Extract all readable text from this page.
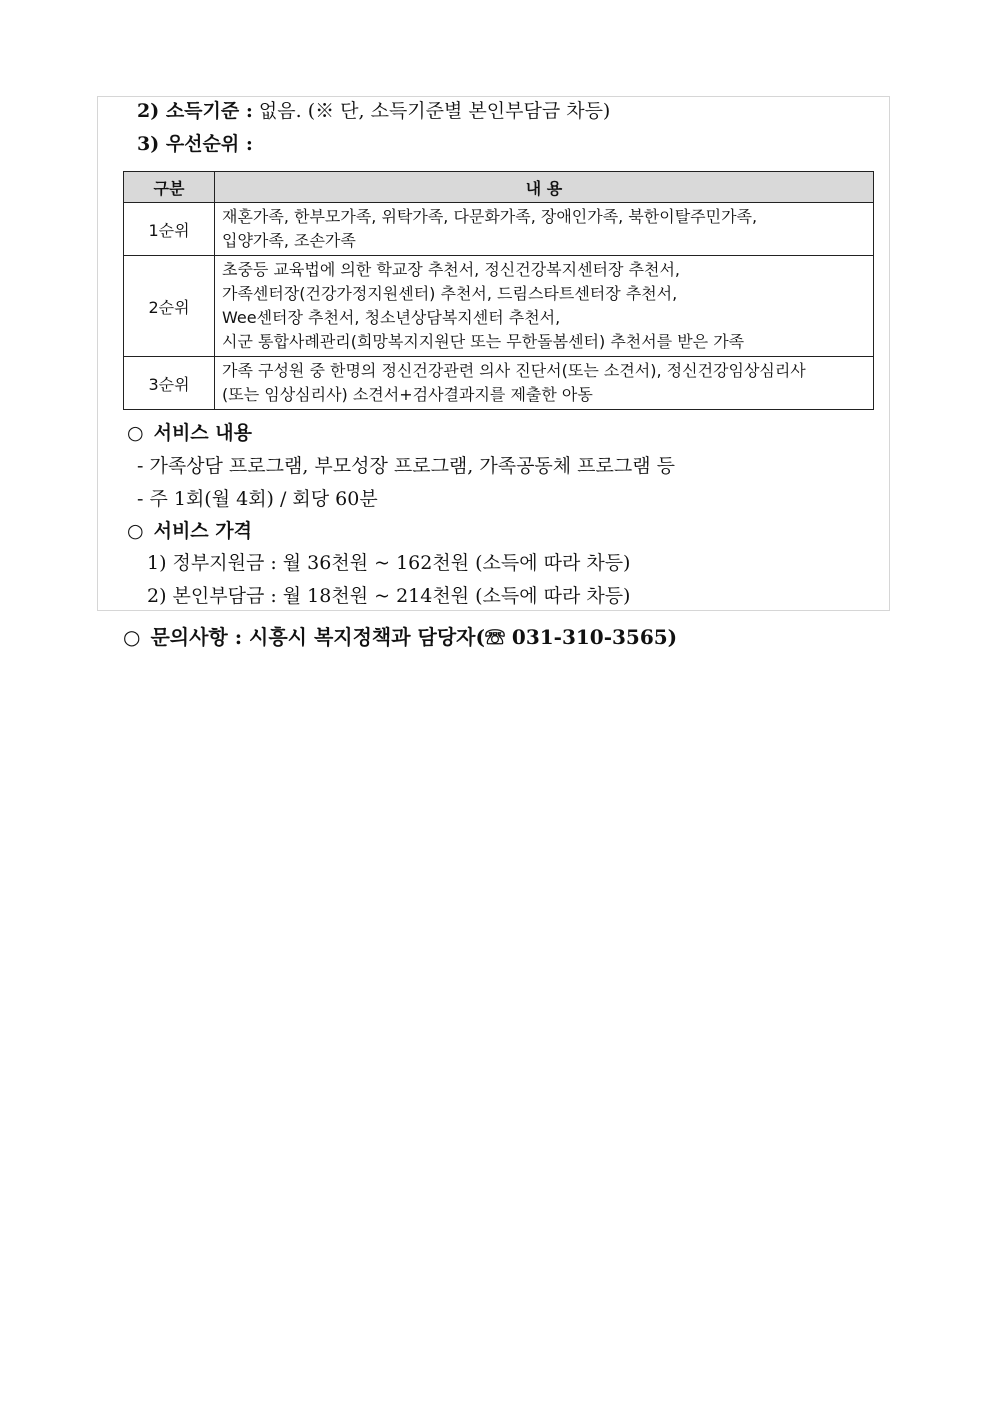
2) 소득기준 : 없음. (※ 단, 소득기준별 본인부담금 차등)
3) 우선순위 :
구분	내 용
1순위	재혼가족, 한부모가족, 위탁가족, 다문화가족, 장애인가족, 북한이탈주민가족,
입양가족, 조손가족

2순위	초중등 교육법에 의한 학교장 추천서, 정신건강복지센터장 추천서,
가족센터장(건강가정지원센터) 추천서, 드림스타트센터장 추천서,
Wee센터장 추천서, 청소년상담복지센터 추천서,
시군 통합사례관리(희망복지지원단 또는 무한돌봄센터) 추천서를 받은 가족

3순위	가족 구성원 중 한명의 정신건강관련 의사 진단서(또는 소견서), 정신건강임상심리사
(또는 임상심리사) 소견서+검사결과지를 제출한 아동
○ 서비스 내용
- 가족상담 프로그램, 부모성장 프로그램, 가족공동체 프로그램 등
- 주 1회(월 4회) / 회당 60분
○ 서비스 가격
1) 정부지원금 : 월 36천원 ~ 162천원 (소득에 따라 차등)
2) 본인부담금 : 월 18천원 ~ 214천원 (소득에 따라 차등)
○ 문의사항 : 시흥시 복지정책과 담당자(☏ 031-310-3565)
